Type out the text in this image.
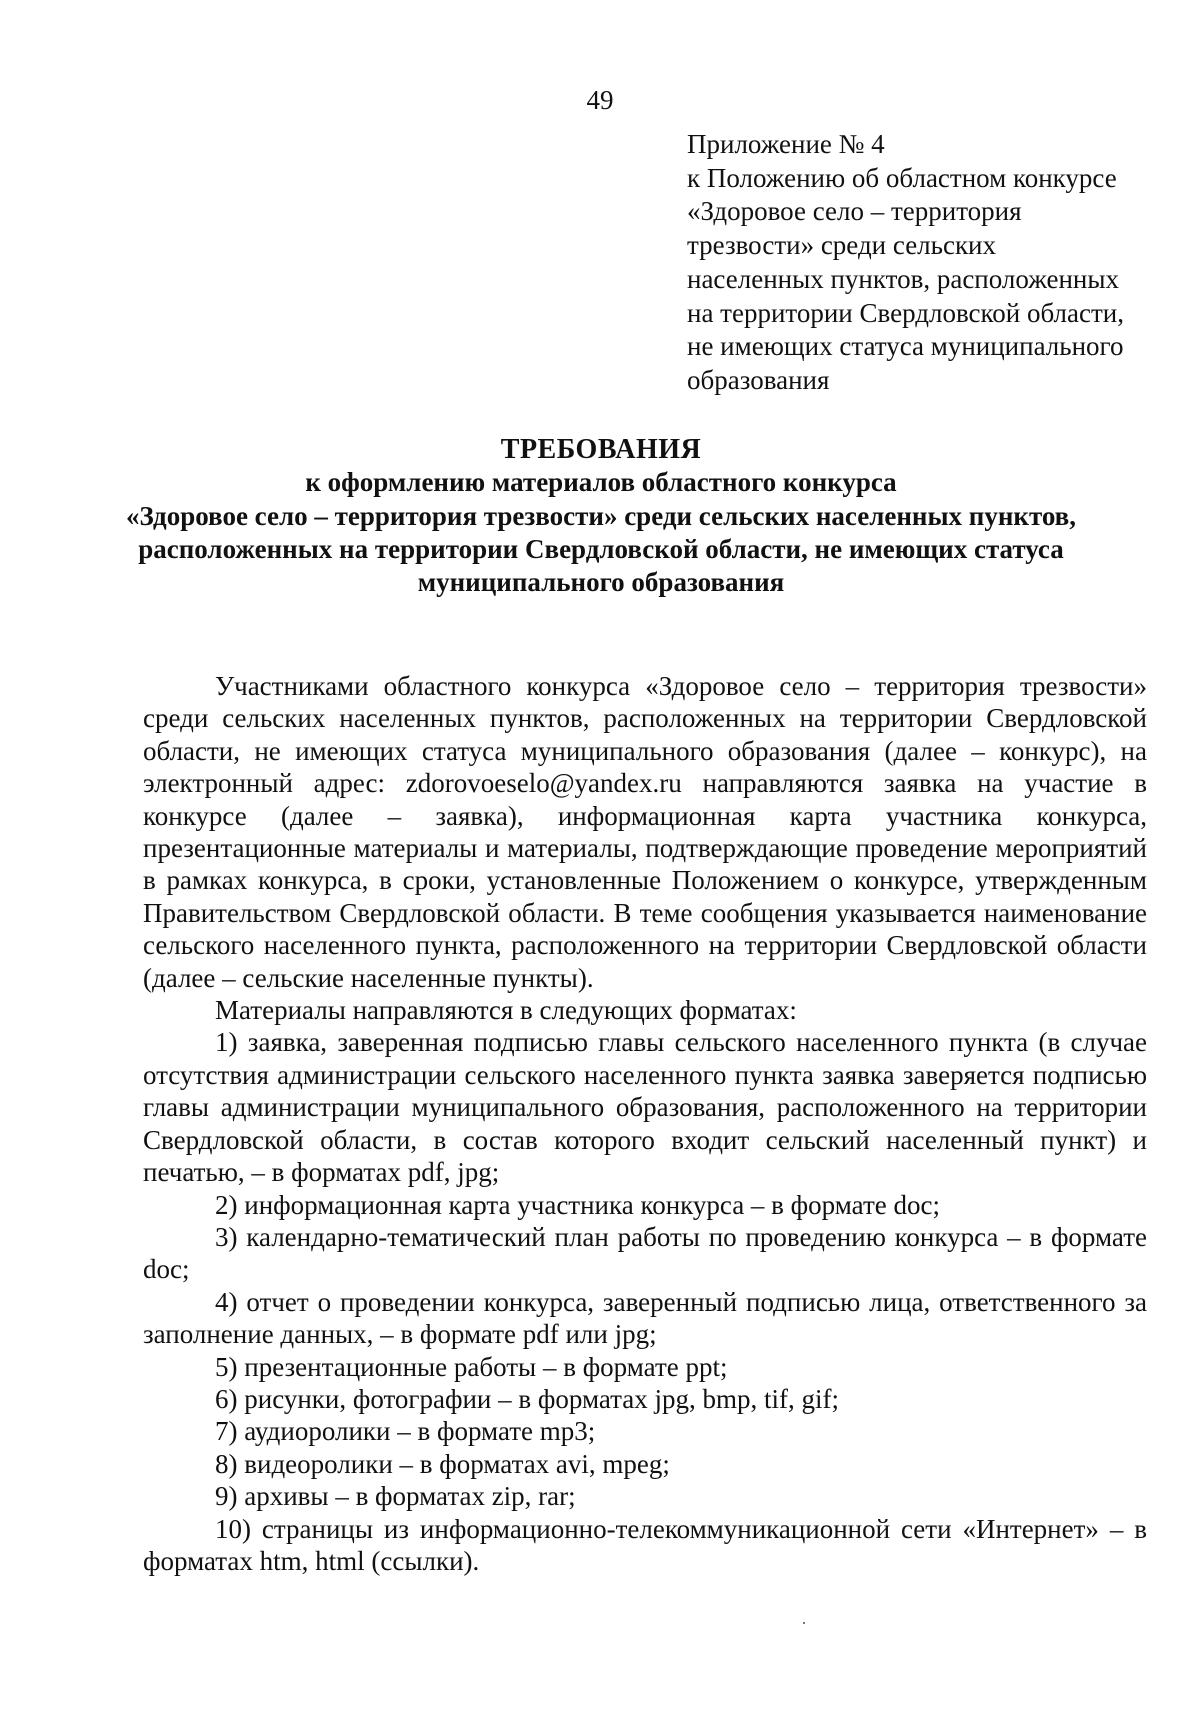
49
Приложение № 4
к Положению об областном конкурсе
«Здоровое село – территория
трезвости» среди сельских
населенных пунктов, расположенных
на территории Свердловской области,
не имеющих статуса муниципального
образования
ТРЕБОВАНИЯ
к оформлению материалов областного конкурса
«Здоровое село – территория трезвости» среди сельских населенных пунктов,
расположенных на территории Свердловской области, не имеющих статуса
муниципального образования

Участниками областного конкурса «Здоровое село – территория трезвости» среди сельских населенных пунктов, расположенных на территории Свердловской области, не имеющих статуса муниципального образования (далее – конкурс), на электронный адрес: zdorovoeselo@yandex.ru направляются заявка на участие в конкурсе (далее – заявка), информационная карта участника конкурса, презентационные материалы и материалы, подтверждающие проведение мероприятий в рамках конкурса, в сроки, установленные Положением о конкурсе, утвержденным Правительством Свердловской области. В теме сообщения указывается наименование сельского населенного пункта, расположенного на территории Свердловской области (далее – сельские населенные пункты).

Материалы направляются в следующих форматах:

1) заявка, заверенная подписью главы сельского населенного пункта (в случае отсутствия администрации сельского населенного пункта заявка заверяется подписью главы администрации муниципального образования, расположенного на территории Свердловской области, в состав которого входит сельский населенный пункт) и печатью, – в форматах pdf, jpg;

2) информационная карта участника конкурса – в формате doc;

3) календарно-тематический план работы по проведению конкурса – в формате doc;

4) отчет о проведении конкурса, заверенный подписью лица, ответственного за заполнение данных, – в формате pdf или jpg;

5) презентационные работы – в формате ppt;

6) рисунки, фотографии – в форматах jpg, bmp, tif, gif;

7) аудиоролики – в формате mp3;

8) видеоролики – в форматах avi, mpeg;

9) архивы – в форматах zip, rar;

10) страницы из информационно-телекоммуникационной сети «Интернет» – в форматах htm, html (ссылки).
